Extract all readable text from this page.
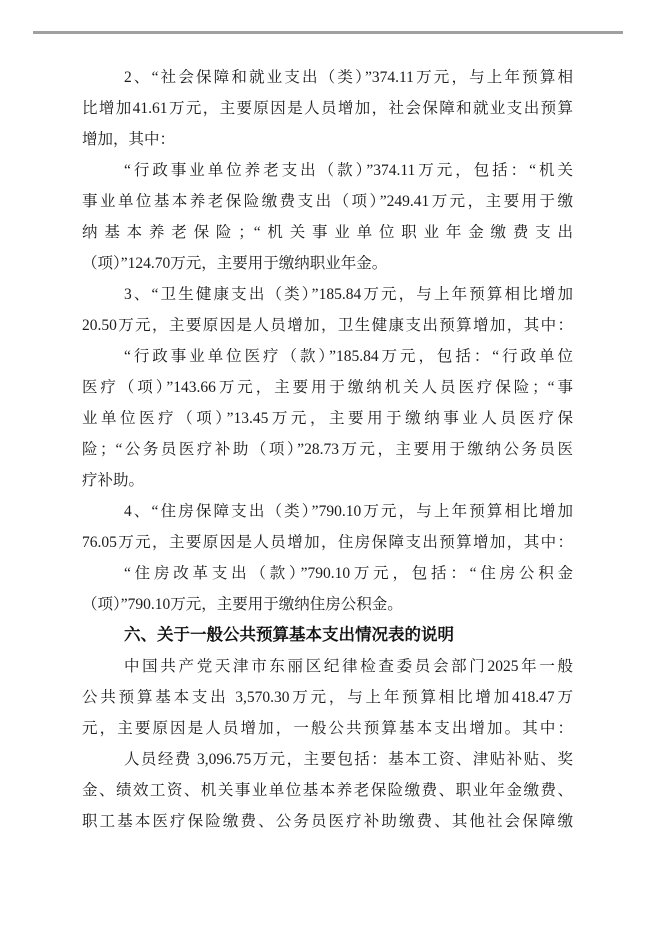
2、“社会保障和就业支出（类）”374.11万元，与上年预算相
比增加41.61万元，主要原因是人员增加，社会保障和就业支出预算
增加，其中：
“行政事业单位养老支出（款）”374.11万元，包括：“机关
事业单位基本养老保险缴费支出（项）”249.41万元，主要用于缴
纳基本养老保险；“机关事业单位职业年金缴费支出
（项）”124.70万元，主要用于缴纳职业年金。
3、“卫生健康支出（类）”185.84万元，与上年预算相比增加
20.50万元，主要原因是人员增加，卫生健康支出预算增加，其中：
“行政事业单位医疗（款）”185.84万元，包括：“行政单位
医疗（项）”143.66万元，主要用于缴纳机关人员医疗保险；“事
业单位医疗（项）”13.45万元，主要用于缴纳事业人员医疗保
险；“公务员医疗补助（项）”28.73万元，主要用于缴纳公务员医
疗补助。
4、“住房保障支出（类）”790.10万元，与上年预算相比增加
76.05万元，主要原因是人员增加，住房保障支出预算增加，其中：
“住房改革支出（款）”790.10万元，包括：“住房公积金
（项）”790.10万元，主要用于缴纳住房公积金。
六、关于一般公共预算基本支出情况表的说明
中国共产党天津市东丽区纪律检查委员会部门2025年一般
公共预算基本支出 3,570.30万元，与上年预算相比增加418.47万
元，主要原因是人员增加，一般公共预算基本支出增加。其中：
人员经费 3,096.75万元，主要包括：基本工资、津贴补贴、奖
金、绩效工资、机关事业单位基本养老保险缴费、职业年金缴费、
职工基本医疗保险缴费、公务员医疗补助缴费、其他社会保障缴
